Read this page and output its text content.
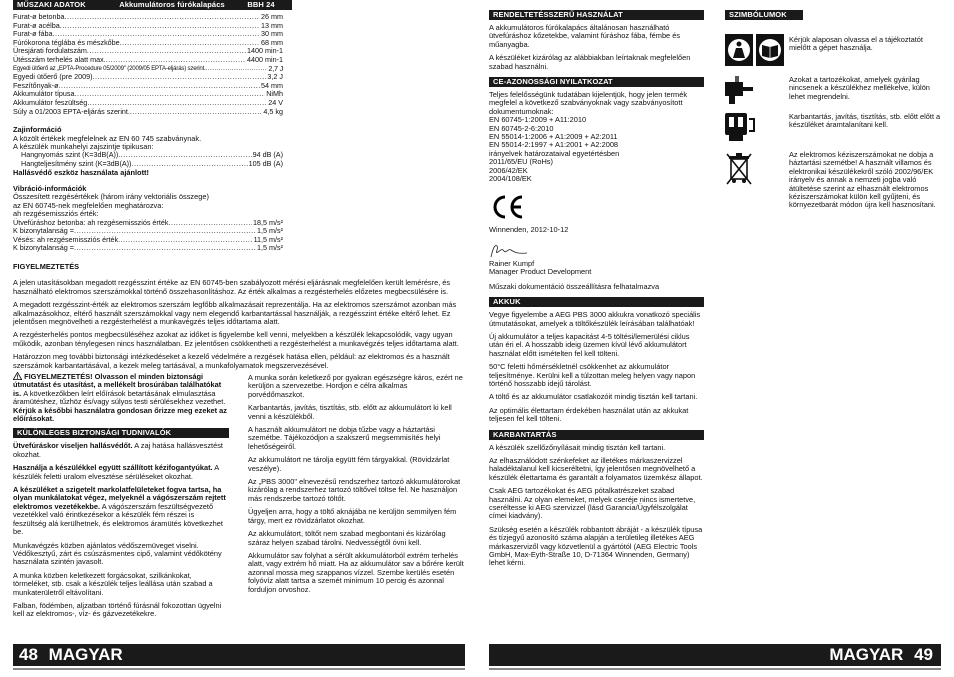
MŰSZAKI ADATOK	Akkumulátoros fúrókalapács	BBH 24
Furat-ø betonba .....	26 mm
Furat-ø acélba .....	13 mm
Furat-ø fába .....	30 mm
Fúrókorona téglába és mészkőbe .....	68 mm
Üresjárati fordulatszám .....	1400 min-1
Ütésszám terhelés alatt max. .....	4400 min-1
Egyedi ütőerő az „EPTA-Procedure 05/2009" (2009/05 EPTA-eljárás) szerint. .....	2,7 J
Egyedi ütőerő (pre 2009) .....	3,2 J
Feszítőnyak-ø .....	54 mm
Akkumulátor típusa .....	NiMh
Akkumulátor feszültség .....	24 V
Súly a 01/2003 EPTA-eljárás szerint. .....	4,5 kg
Zajinformáció
A közölt értékek megfelelnek az EN 60 745 szabványnak.
A készülék munkahelyi zajszintje tipikusan:
Hangnyomás szint (K=3dB(A)) .....	94 dB (A)
Hangteljesítmény szint (K=3dB(A)) .....	105 dB (A)
Hallásvédő eszköz használata ajánlott!
Vibráció-információk
Összesített rezgésértékek (három irány vektoriális összege)
az EN 60745-nek megfelelően meghatározva:
ah rezgésemissziós érték:
Ütvefúráshoz betonba: ah rezgésemissziós érték .....	18,5 m/s²
K bizonytalanság = .....	1,5 m/s²
Vésés: ah rezgésemissziós érték .....	11,5 m/s²
K bizonytalanság = .....	1,5 m/s²
FIGYELMEZTETÉS

A jelen utasításokban megadott rezgésszint értéke az EN 60745-ben szabályozott mérési eljárásnak megfelelően került lemérésre, és használható elektromos szerszámokkal történő összehasonlításhoz. Az érték alkalmas a rezgésterhelés előzetes megbecsülésére is.

A megadott rezgésszint-érték az elektromos szerszám legfőbb alkalmazásait reprezentálja. Ha az elektromos szerszámot azonban más alkalmazásokhoz, eltérő használt szerszámokkal vagy nem elegendő karbantartással használják, a rezgésszint értéke eltérő lehet. Ez jelentősen megnövelheti a rezgésterhelést a munkavégzés teljes időtartama alatt.

A rezgésterhelés pontos megbecsüléséhez azokat az időket is figyelembe kell venni, melyekben a készülék lekapcsolódik, vagy ugyan működik, azonban ténylegesen nincs használatban. Ez jelentősen csökkentheti a rezgésterhelést a munkavégzés teljes időtartama alatt.

Határozzon meg további biztonsági intézkedéseket a kezelő védelmére a rezgések hatása ellen, például: az elektromos és a használt szerszámok karbantartásával, a kezek meleg tartásával, a munkafolyamatok megszervezésével.

FIGYELMEZTETÉS! Olvasson el minden biztonsági útmutatást és utasítást, a mellékelt brosúrában találhatókat is. A következőkben leírt előírások betartásának elmulasztása áramütéshez, tűzhöz és/vagy súlyos testi sérülésekhez vezethet. Kérjük a későbbi használatra gondosan őrizze meg ezeket az előírásokat.

KÜLÖNLEGES BIZTONSÁGI TUDNIVALÓK

Ütvefúráskor viseljen hallásvédőt. A zaj hatása hallásvesztést okozhat.

Használja a készülékkel együtt szállított kézifogantyúkat. A készülék feletti uralom elvesztése sérüléseket okozhat.

A készüléket a szigetelt markolatfelületeket fogva tartsa, ha olyan munkálatokat végez, melyeknél a vágószerszám rejtett elektromos vezetékekbe. A vágószerszám feszültségvezető vezetékkel való érintkezésekor a készülék fém részei is feszültség alá kerülhetnek, és elektromos áramütés következhet be.

Munkavégzés közben ajánlatos védőszemüveget viselni. Védőkesztyű, zárt és csúszásmentes cipő, valamint védőkötény használata szintén javasolt.

A munka közben keletkezett forgácsokat, szilkánkokat, törmeléket, stb. csak a készülék teljes leállása után szabad a munkaterületről eltávolítani.

Falban, födémben, aljzatban történő fúrásnál fokozottan ügyelni kell az elektromos-, víz- és gázvezetékekre.

A munka során keletkező por gyakran egészségre káros, ezért ne kerüljön a szervezetbe. Hordjon e célra alkalmas porvédőmaszkot.

Karbantartás, javítás, tisztítás, stb. előtt az akkumulátort ki kell venni a készülékből.

A használt akkumulátort ne dobja tűzbe vagy a háztartási szemétbe. Tájékozódjon a szakszerű megsemmisítés helyi lehetőségeiről.

Az akkumulátort ne tárolja együtt fém tárgyakkal. (Rövidzárlat veszélye).

Az „PBS 3000" elnevezésű rendszerhez tartozó akkumulátorokat kizárólag a rendszerhez tartozó töltővel töltse fel. Ne használjon más rendszerbe tartozó töltőt.

Ügyeljen arra, hogy a töltő aknájába ne kerüljön semmilyen fém tárgy, mert ez rövidzárlatot okozhat.

Az akkumulátort, töltőt nem szabad megbontani és kizárólag száraz helyen szabad tárolni. Nedvességtől óvni kell.

Akkumulátor sav folyhat a sérült akkumulátorból extrém terhelés alatt, vagy extrém hő miatt. Ha az akkumulátor sav a bőrére került azonnal mossa meg szappanos vízzel. Szembe kerülés esetén folyóvíz alatt tartsa a szemét minimum 10 percig és azonnal forduljon orvoshoz.

48 MAGYAR
RENDELTETÉSSZERŰ HASZNÁLAT

A akkumulátoros fúrókalapács általánosan használható ütvefúráshoz kőzetekbe, valamint fúráshoz fába, fémbe és műanyagba.

A készüléket kizárólag az alábbiakban leírtaknak megfelelően szabad használni.

CE-AZONOSSÁGI NYILATKOZAT

Teljes felelősségünk tudatában kijelentjük, hogy jelen termék megfelel a következő szabványoknak vagy szabványosított dokumentumoknak:

EN 60745-1:2009 + A11:2010
EN 60745-2-6:2010
EN 55014-1:2006 + A1:2009 + A2:2011
EN 55014-2:1997 + A1:2001 + A2:2008
irányelvek határozataival egyetértésben
2011/65/EU (RoHs)
2006/42/EK
2004/108/EK
Winnenden, 2012-10-12
Rainer Kumpf
Manager Product Development
Műszaki dokumentáció összeállításra felhatalmazva
AKKUK

Vegye figyelembe a AEG PBS 3000 akkukra vonatkozó speciális útmutatásokat, amelyek a töltőkészülék leírásában találhatóak!

Új akkumulátor a teljes kapacitást 4-5 töltési/lemerülési ciklus után éri el. A hosszabb ideig üzemen kívül lévő akkumulátort használat előtt ismételten fel kell tölteni.

50°C feletti hőmérsékletnél csökkenhet az akkumulátor teljesítménye. Kerülni kell a túlzottan meleg helyen vagy napon történő hosszabb idejű tárolást.

A töltő és az akkumulátor csatlakozóit mindig tisztán kell tartani.

Az optimális élettartam érdekében használat után az akkukat teljesen fel kell tölteni.

KARBANTARTÁS

A készülék szellőzőnyílásait mindig tisztán kell tartani.

Az elhasználódott szénkefeket az illetékes márkaszervizzel haladéktalanul kell kicseréltetni, így jelentősen megnövelhető a készülék élettartama és garantált a folyamatos üzemkész állapot.

Csak AEG tartozékokat és AEG pótalkatrészeket szabad használni. Az olyan elemeket, melyek cseréje nincs ismertetve, cseréltesse ki AEG szervizzel (lásd Garancia/Ügyfélszolgálat címei kiadvány).

Szükség esetén a készülék robbantott ábráját - a készülék típusa és tízjegyű azonosító száma alapján a területileg illetékes AEG márkaszervizől vagy közvetlenül a gyártótól (AEG Electric Tools GmbH, Max-Eyth-Straße 10, D-71364 Winnenden, Germany) lehet kérni.

SZIMBÓLUMOK
Kérjük alaposan olvassa el a tájékoztatót mielőtt a gépet használja.
Azokat a tartozékokat, amelyek gyárilag nincsenek a készülékhez mellékelve, külön lehet megrendelni.
Karbantartás, javítás, tisztítás, stb. előtt előtt a készüléket áramtalanítani kell.
Az elektromos kéziszerszámokat ne dobja a háztartási szemétbe! A használt villamos és elektronikai készülékekről szóló 2002/96/EK irányelv és annak a nemzeti jogba való átültetése szerint az elhasznált elektromos kéziszerszámokat külön kell gyűjteni, és környezetbarát módon újra kell hasznosítani.
MAGYAR 49
